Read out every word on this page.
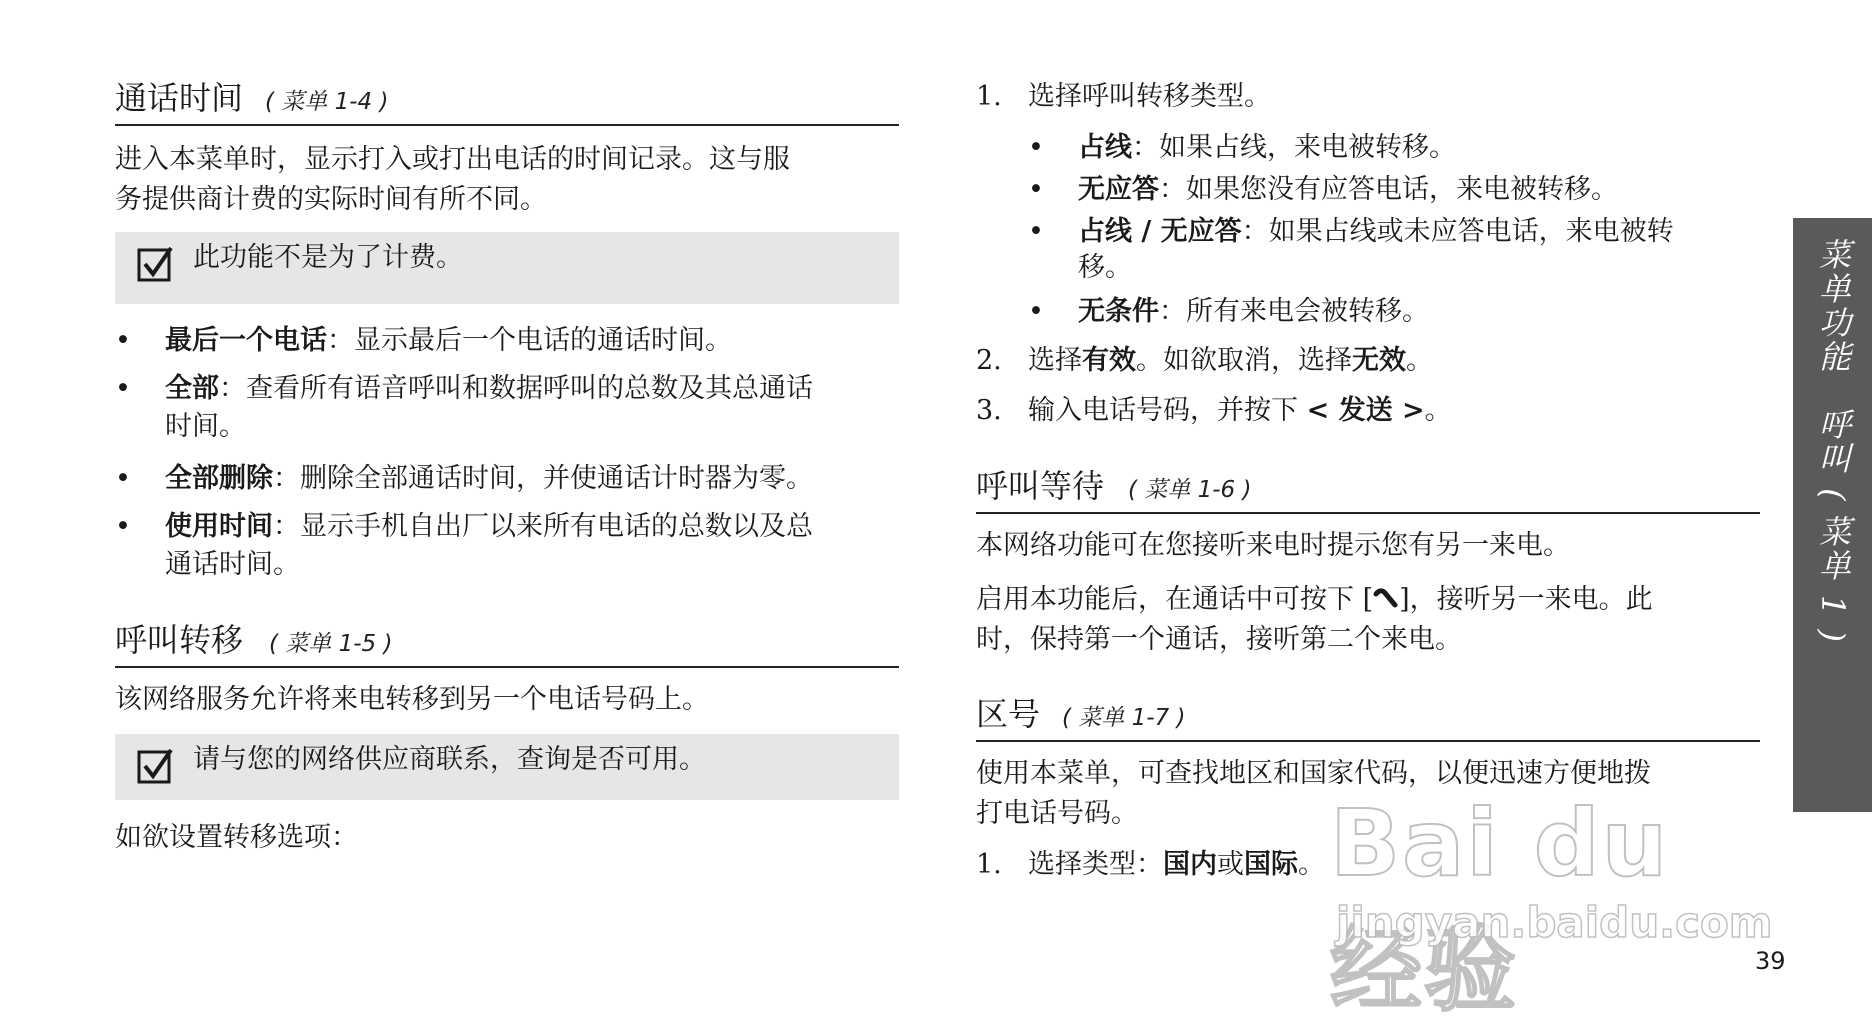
通话时间 ( 菜单 1-4 )

进入本菜单时，显示打入或打出电话的时间记录。这与服
务提供商计费的实际时间有所不同。

此功能不是为了计费。
• 最后一个电话：显示最后一个电话的通话时间。
• 全部：查看所有语音呼叫和数据呼叫的总数及其总通话
时间。
• 全部删除：删除全部通话时间，并使通话计时器为零。
• 使用时间：显示手机自出厂以来所有电话的总数以及总
通话时间。
呼叫转移 ( 菜单 1-5 )

该网络服务允许将来电转移到另一个电话号码上。

请与您的网络供应商联系，查询是否可用。

如欲设置转移选项：

1. 选择呼叫转移类型。
• 占线：如果占线，来电被转移。
• 无应答：如果您没有应答电话，来电被转移。
• 占线 / 无应答：如果占线或未应答电话，来电被转
移。
• 无条件：所有来电会被转移。
2. 选择有效。如欲取消，选择无效。
3. 输入电话号码，并按下 < 发送 >。
呼叫等待 ( 菜单 1-6 )

本网络功能可在您接听来电时提示您有另一来电。

启用本功能后，在通话中可按下 [ ]，接听另一来电。此
时，保持第一个通话，接听第二个来电。

区号 ( 菜单 1-7 )

使用本菜单，可查找地区和国家代码，以便迅速方便地拨
打电话号码。

1. 选择类型：国内或国际。
菜单功能　呼叫 ( 菜单 1 )
Bai du 经验
jingyan.baidu.com
39
